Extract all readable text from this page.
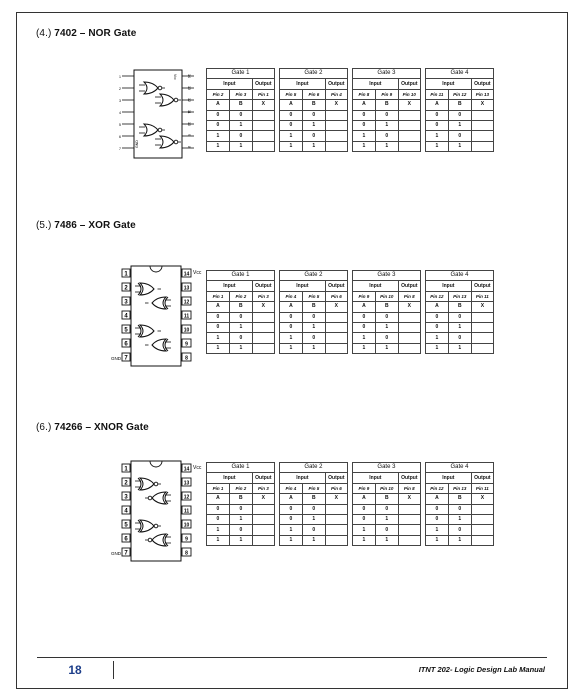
18	ITNT 202- Logic Design Lab Manual
(4.) 7402 – NOR Gate
1	14
2	13
3	12
4	11
5	10
6
9
7
8
Vcc
GND
Gate 1				Gate 2				Gate 3				Gate 4		
Input		Output		Input		Output		Input		Output		Input		Output
Pin 2	Pin 3	Pin 1		Pin 5	Pin 6	Pin 4		Pin 8	Pin 9	Pin 10		Pin 11	Pin 12	Pin 13
A	B	X		A	B	X		A	B	X		A	B	X
0	0			0	0			0	0			0	0	
0	1			0	1			0	1			0	1	
1	0			1	0			1	0			1	0	
1	1			1	1			1	1			1	1	
(5.) 7486 – XOR Gate
1	14
2	13
3	12
4	11
5	10
6	9
7	8
Vcc
GND
Gate 1				Gate 2				Gate 3				Gate 4		
Input		Output		Input		Output		Input		Output		Input		Output
Pin 1	Pin 2	Pin 3		Pin 4	Pin 5	Pin 6		Pin 9	Pin 10	Pin 8		Pin 12	Pin 13	Pin 11
A	B	X		A	B	X		A	B	X		A	B	X
0	0			0	0			0	0			0	0	
0	1			0	1			0	1			0	1	
1	0			1	0			1	0			1	0	
1	1			1	1			1	1			1	1	
(6.) 74266 – XNOR Gate
1	14
2	13
3	12
4	11
5	10
6	9
7	8
Vcc
GND
Gate 1				Gate 2				Gate 3				Gate 4		
Input		Output		Input		Output		Input		Output		Input		Output
Pin 1	Pin 2	Pin 3		Pin 4	Pin 5	Pin 6		Pin 9	Pin 10	Pin 8		Pin 12	Pin 13	Pin 11
A	B	X		A	B	X		A	B	X		A	B	X
0	0			0	0			0	0			0	0	
0	1			0	1			0	1			0	1	
1	0			1	0			1	0			1	0	
1	1			1	1			1	1			1	1	
